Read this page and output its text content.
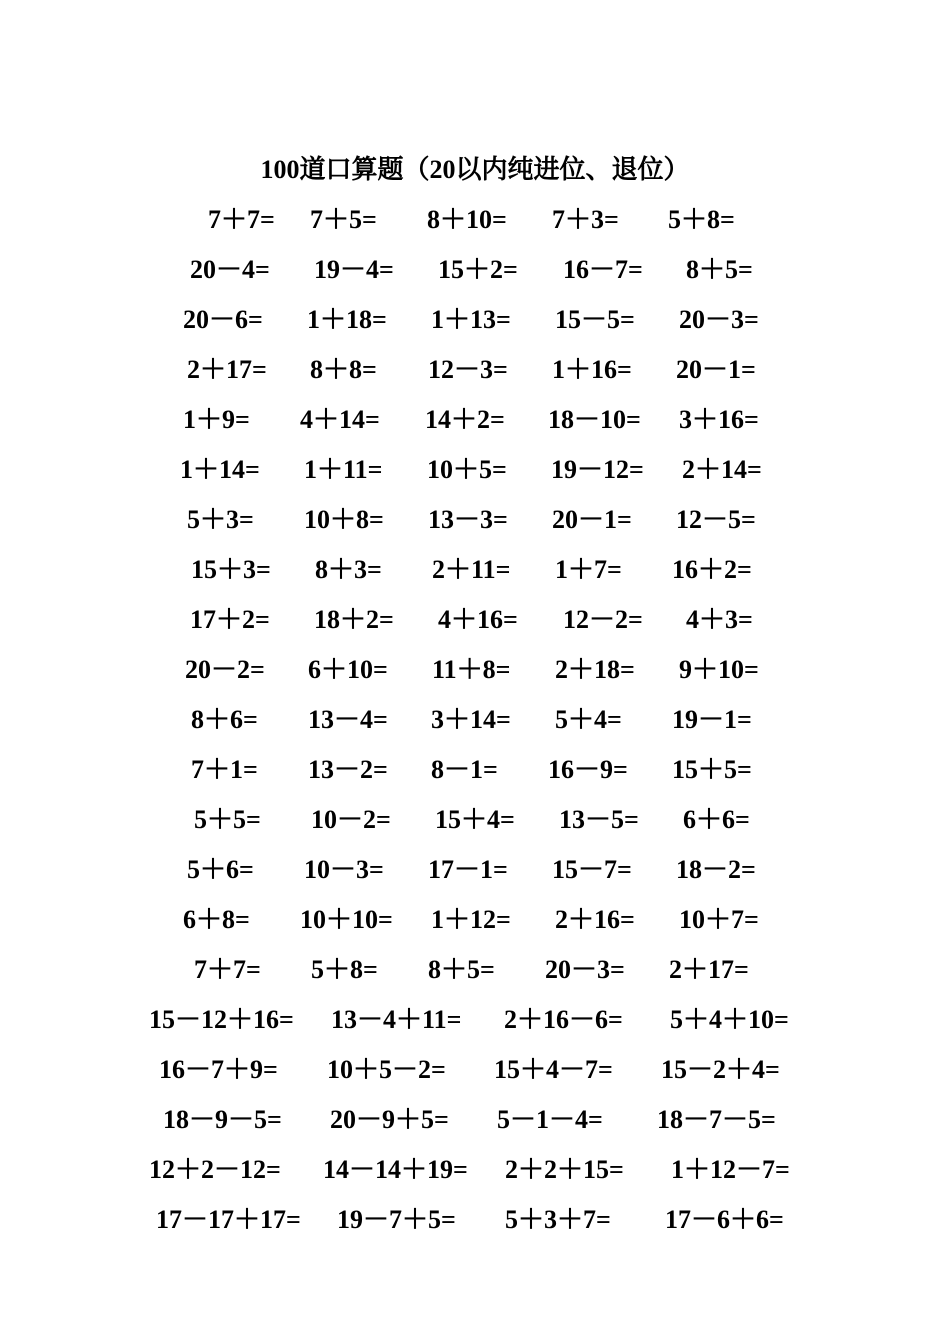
100道口算题（20以内纯进位、退位）
7＋7= 7＋5= 8＋10= 7＋3= 5＋8=
20－4= 19－4= 15＋2= 16－7= 8＋5=
20－6= 1＋18= 1＋13= 15－5= 20－3=
2＋17= 8＋8= 12－3= 1＋16= 20－1=
1＋9= 4＋14= 14＋2= 18－10= 3＋16=
1＋14= 1＋11= 10＋5= 19－12= 2＋14=
5＋3= 10＋8= 13－3= 20－1= 12－5=
15＋3= 8＋3= 2＋11= 1＋7= 16＋2=
17＋2= 18＋2= 4＋16= 12－2= 4＋3=
20－2= 6＋10= 11＋8= 2＋18= 9＋10=
8＋6= 13－4= 3＋14= 5＋4= 19－1=
7＋1= 13－2= 8－1= 16－9= 15＋5=
5＋5= 10－2= 15＋4= 13－5= 6＋6=
5＋6= 10－3= 17－1= 15－7= 18－2=
6＋8= 10＋10= 1＋12= 2＋16= 10＋7=
7＋7= 5＋8= 8＋5= 20－3= 2＋17=
15－12＋16= 13－4＋11= 2＋16－6= 5＋4＋10=
16－7＋9= 10＋5－2= 15＋4－7= 15－2＋4=
18－9－5= 20－9＋5= 5－1－4= 18－7－5=
12＋2－12= 14－14＋19= 2＋2＋15= 1＋12－7=
17－17＋17= 19－7＋5= 5＋3＋7= 17－6＋6=
